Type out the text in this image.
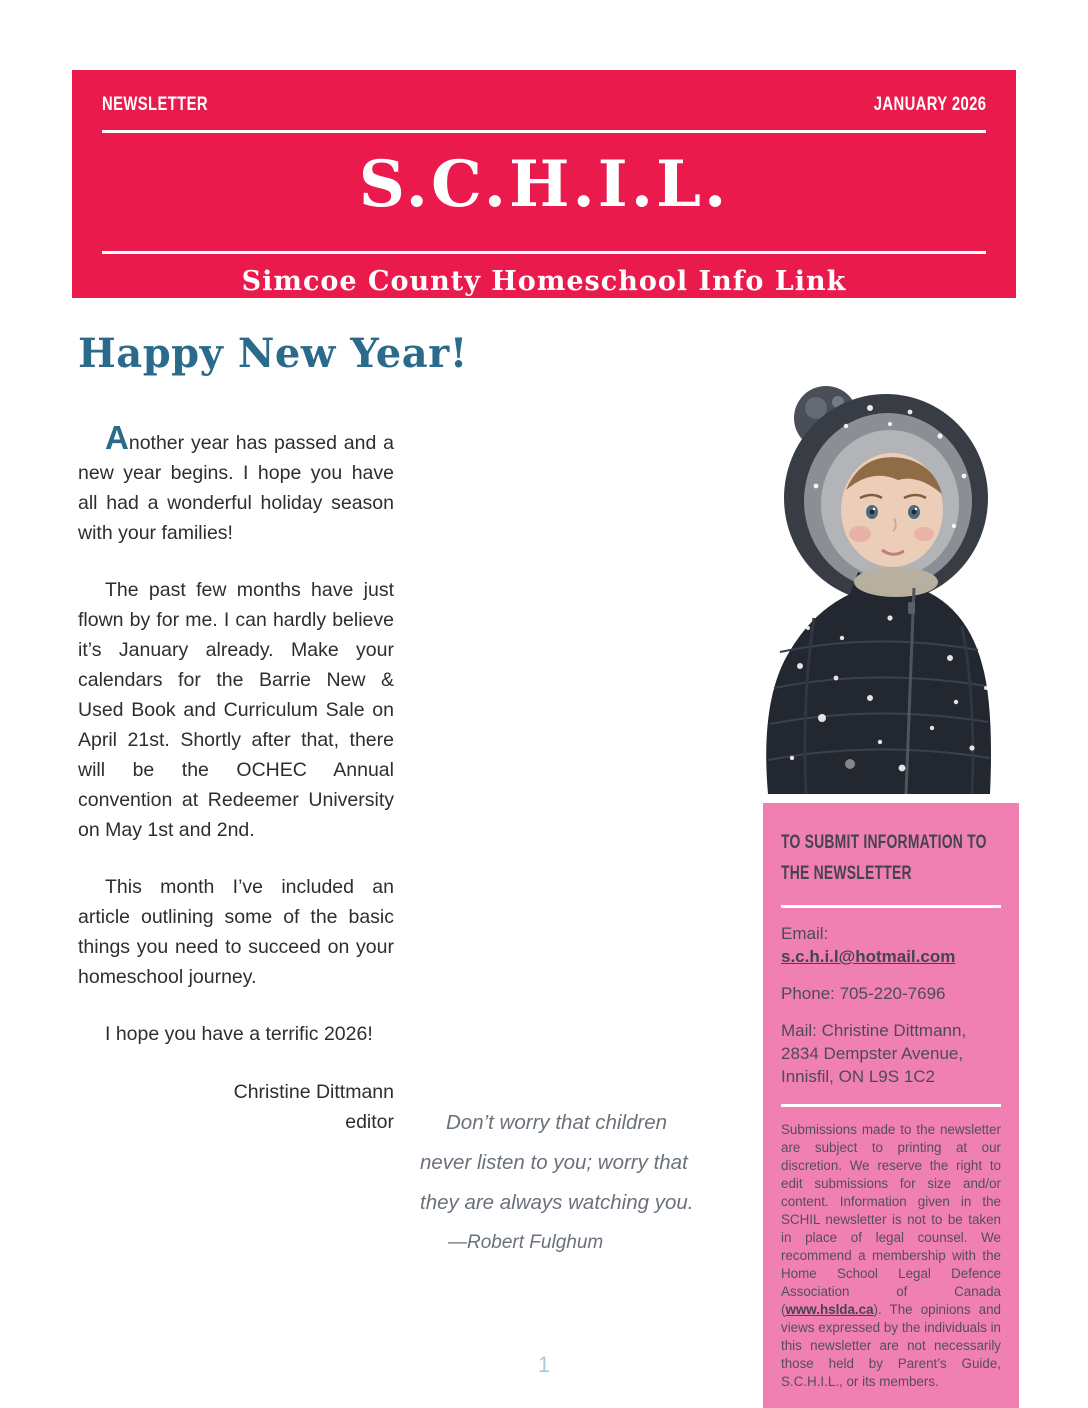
NEWSLETTER	JANUARY 2026
S.C.H.I.L.
Simcoe County Homeschool Info Link
Happy New Year!

Another year has passed and a new year begins. I hope you have all had a wonderful holiday season with your families!

The past few months have just flown by for me. I can hardly believe it’s January already. Make your calendars for the Barrie New & Used Book and Curriculum Sale on April 21st. Shortly after that, there will be the OCHEC Annual convention at Redeemer University on May 1st and 2nd.

This month I’ve included an article outlining some of the basic things you need to succeed on your homeschool journey.

I hope you have a terrific 2026!

Christine Dittmann
editor	Don’t worry that children never listen to you; worry that they are always watching you.
—Robert Fulghum
TO SUBMIT INFORMATION TO THE NEWSLETTER

Email:
s.c.h.i.l@hotmail.com

Phone: 705-220-7696

Mail: Christine Dittmann, 2834 Dempster Avenue, Innisfil, ON L9S 1C2

Submissions made to the newsletter are subject to printing at our discretion. We reserve the right to edit submissions for size and/or content. Information given in the SCHIL newsletter is not to be taken in place of legal counsel. We recommend a membership with the Home School Legal Defence Association of Canada (www.hslda.ca). The opinions and views expressed by the individuals in this newsletter are not necessarily those held by Parent’s Guide, S.C.H.I.L., or its members.

1
